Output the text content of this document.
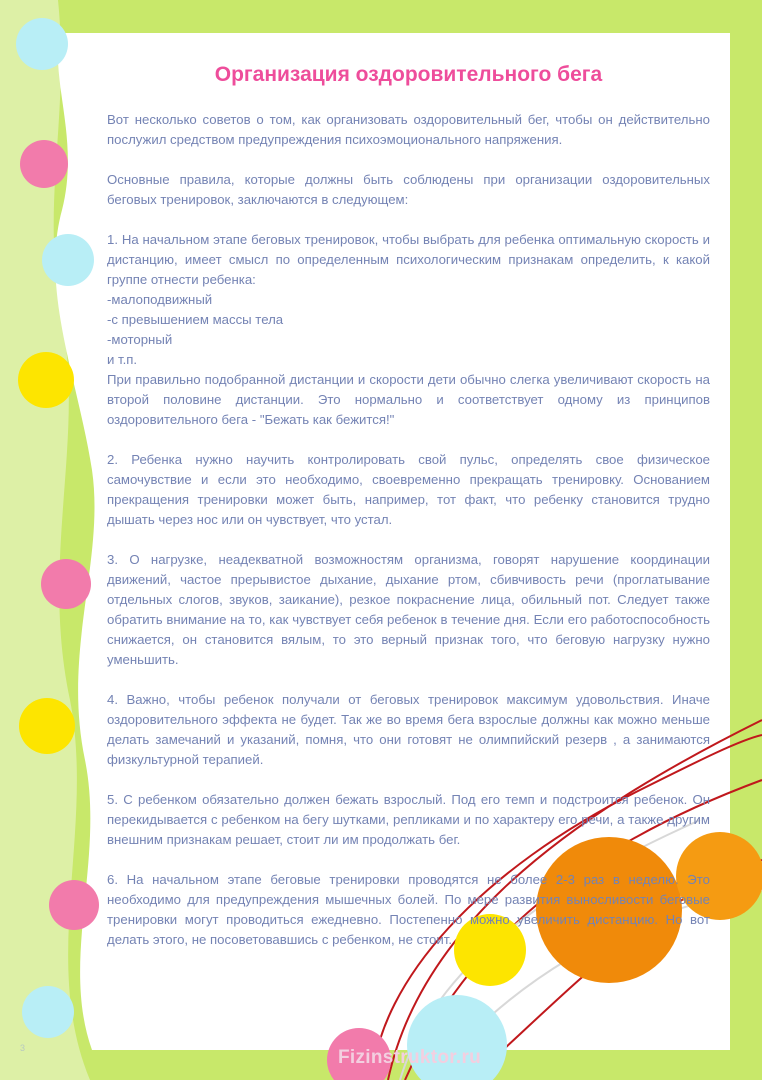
Организация оздоровительного бега

Вот несколько советов о том, как организовать оздоровительный бег, чтобы он действительно послужил средством предупреждения психоэмоционального напряжения.

Основные правила, которые должны быть соблюдены при организации оздоровительных беговых тренировок, заключаются в следующем:

1. На начальном этапе беговых тренировок, чтобы выбрать для ребенка оптимальную скорость и дистанцию, имеет смысл по определенным психологическим признакам определить, к какой группе отнести ребенка:

-малоподвижный

-с превышением массы тела

-моторный

и т.п.

При правильно подобранной дистанции и скорости дети обычно слегка увеличивают скорость на второй половине дистанции. Это нормально и соответствует одному из принципов оздоровительного бега - "Бежать как бежится!"

2. Ребенка нужно научить контролировать свой пульс, определять свое физическое самочувствие и если это необходимо, своевременно прекращать тренировку. Основанием прекращения тренировки может быть, например, тот факт, что ребенку становится трудно дышать через нос или он чувствует, что устал.

3. О нагрузке, неадекватной возможностям организма, говорят нарушение координации движений, частое прерывистое дыхание, дыхание ртом, сбивчивость речи (проглатывание отдельных слогов, звуков, заикание), резкое покраснение лица, обильный пот. Следует также обратить внимание на то, как чувствует себя ребенок в течение дня. Если его работоспособность снижается, он становится вялым, то это верный признак того, что беговую нагрузку нужно уменьшить.

4. Важно, чтобы ребенок получали от беговых тренировок максимум удовольствия. Иначе оздоровительного эффекта не будет. Так же во время бега взрослые должны как можно меньше делать замечаний и указаний, помня, что они готовят не олимпийский резерв , а занимаются физкультурной терапией.

5. С ребенком обязательно должен бежать взрослый. Под его темп и подстроится ребенок. Он перекидывается с ребенком на бегу шутками, репликами и по характеру его речи, а также другим внешним признакам решает, стоит ли им продолжать бег.

6. На начальном этапе беговые тренировки проводятся не более 2-3 раз в неделю. Это необходимо для предупреждения мышечных болей. По мере развития выносливости беговые тренировки могут проводиться ежедневно. Постепенно можно увеличить дистанцию. Но вот делать этого, не посоветовавшись с ребенком, не стоит.

3	Fizinstruktor.ru
